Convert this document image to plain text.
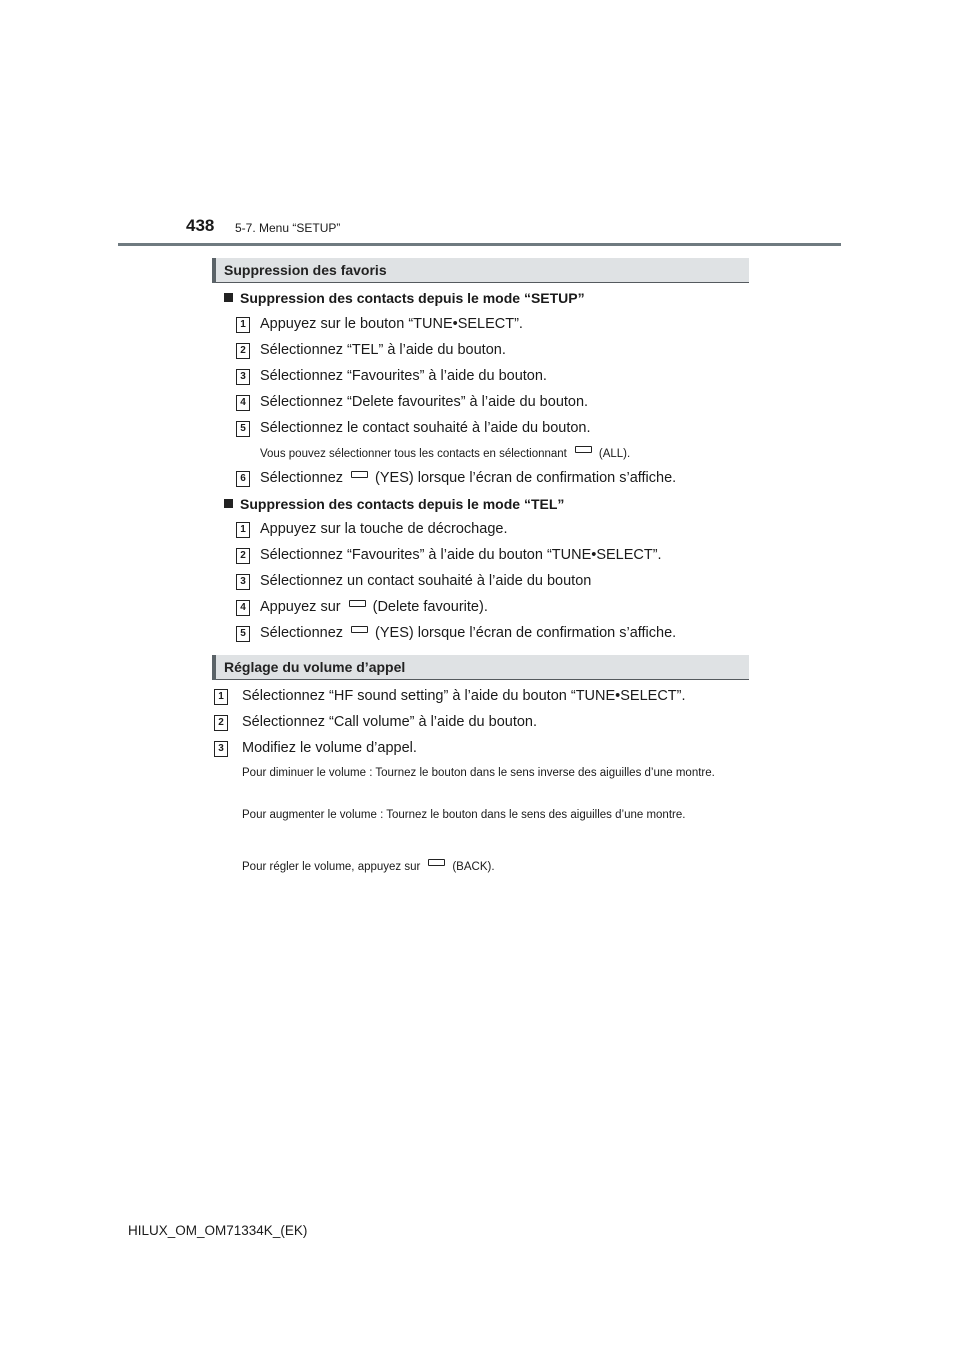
438 5-7. Menu “SETUP”
Suppression des favoris
Suppression des contacts depuis le mode “SETUP”
1 Appuyez sur le bouton “TUNE•SELECT”.
2 Sélectionnez “TEL” à l’aide du bouton.
3 Sélectionnez “Favourites” à l’aide du bouton.
4 Sélectionnez “Delete favourites” à l’aide du bouton.
5 Sélectionnez le contact souhaité à l’aide du bouton.
Vous pouvez sélectionner tous les contacts en sélectionnant	(ALL).
6 Sélectionnez (YES) lorsque l’écran de confirmation s’affiche.
Suppression des contacts depuis le mode “TEL”
1 Appuyez sur la touche de décrochage.
2 Sélectionnez “Favourites” à l’aide du bouton “TUNE•SELECT”.
3 Sélectionnez un contact souhaité à l’aide du bouton
4 Appuyez sur (Delete favourite).
5 Sélectionnez (YES) lorsque l’écran de confirmation s’affiche.
Réglage du volume d’appel
1 Sélectionnez “HF sound setting” à l’aide du bouton “TUNE•SELECT”.
2 Sélectionnez “Call volume” à l’aide du bouton.
3 Modifiez le volume d’appel.
Pour diminuer le volume : Tournez le bouton dans le sens inverse des aiguilles d’une montre.
Pour augmenter le volume : Tournez le bouton dans le sens des aiguilles d’une montre.
Pour régler le volume, appuyez sur	(BACK).
HILUX_OM_OM71334K_(EK)
